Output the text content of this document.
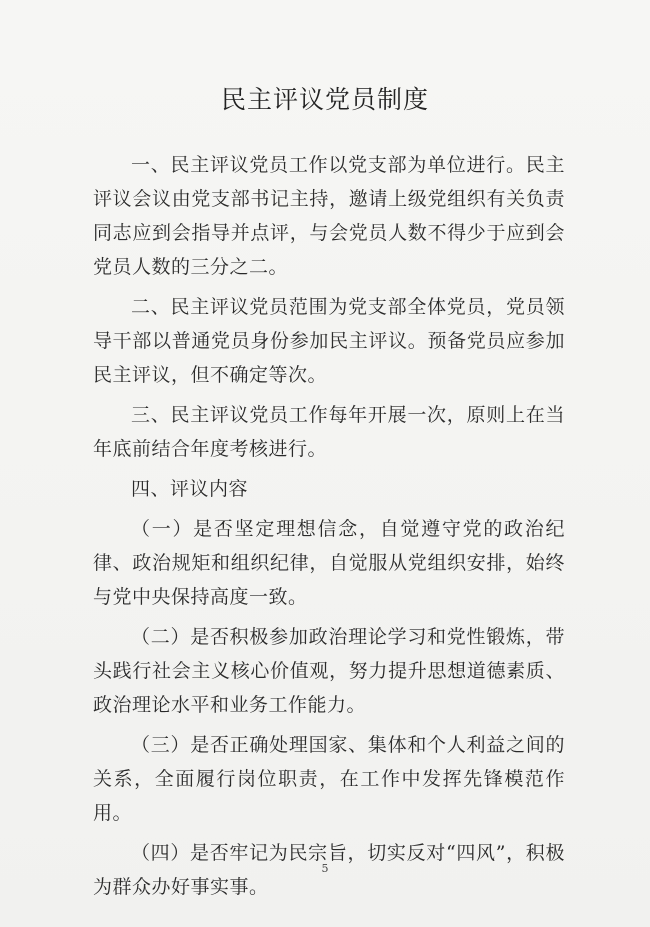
民主评议党员制度

一、民主评议党员工作以党支部为单位进行。民主评议会议由党支部书记主持，邀请上级党组织有关负责同志应到会指导并点评，与会党员人数不得少于应到会党员人数的三分之二。

二、民主评议党员范围为党支部全体党员，党员领导干部以普通党员身份参加民主评议。预备党员应参加民主评议，但不确定等次。

三、民主评议党员工作每年开展一次，原则上在当年底前结合年度考核进行。

四、评议内容

（一）是否坚定理想信念，自觉遵守党的政治纪律、政治规矩和组织纪律，自觉服从党组织安排，始终与党中央保持高度一致。

（二）是否积极参加政治理论学习和党性锻炼，带头践行社会主义核心价值观，努力提升思想道德素质、政治理论水平和业务工作能力。

（三）是否正确处理国家、集体和个人利益之间的关系，全面履行岗位职责，在工作中发挥先锋模范作用。

（四）是否牢记为民宗旨，切实反对“四风”，积极为群众办好事实事。

5
